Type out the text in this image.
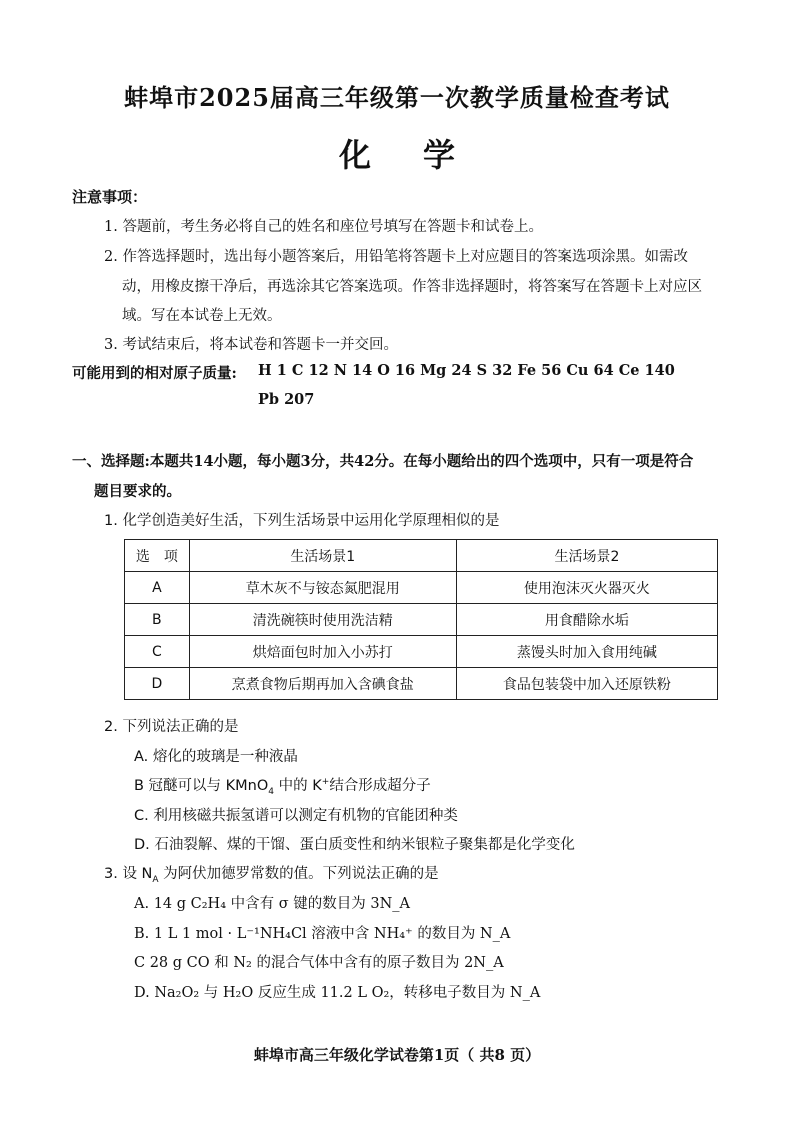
蚌埠市2025届高三年级第一次教学质量检查考试
化学
注意事项：
1. 答题前，考生务必将自己的姓名和座位号填写在答题卡和试卷上。
2. 作答选择题时，选出每小题答案后，用铅笔将答题卡上对应题目的答案选项涂黑。如需改
动，用橡皮擦干净后，再选涂其它答案选项。作答非选择题时，将答案写在答题卡上对应区
域。写在本试卷上无效。
3. 考试结束后，将本试卷和答题卡一并交回。
可能用到的相对原子质量: H 1 C 12 N 14 O 16 Mg 24 S 32 Fe 56 Cu 64 Ce 140
Pb 207
一、选择题:本题共14小题，每小题3分，共42分。在每小题给出的四个选项中，只有一项是符合
题目要求的。
1. 化学创造美好生活，下列生活场景中运用化学原理相似的是
选　项	生活场景1	生活场景2
A	草木灰不与铵态氮肥混用	使用泡沫灭火器灭火
B	清洗碗筷时使用洗洁精	用食醋除水垢
C	烘焙面包时加入小苏打	蒸馒头时加入食用纯碱
D	烹煮食物后期再加入含碘食盐	食品包装袋中加入还原铁粉
2. 下列说法正确的是
A. 熔化的玻璃是一种液晶
B 冠醚可以与 KMnO$_4$ 中的 K+结合形成超分子
C. 利用核磁共振氢谱可以测定有机物的官能团种类
D. 石油裂解、煤的干馏、蛋白质变性和纳米银粒子聚集都是化学变化
3. 设 $N_A$ 为阿伏加德罗常数的值。下列说法正确的是
A. 14 g C₂H₄ 中含有 σ 键的数目为 3N_A
B. 1 L 1 mol · L⁻¹NH₄Cl 溶液中含 NH₄⁺ 的数目为 N_A
C 28 g CO 和 N₂ 的混合气体中含有的原子数目为 2N_A
D. Na₂O₂ 与 H₂O 反应生成 11.2 L O₂，转移电子数目为 N_A
蚌埠市高三年级化学试卷第1页（ 共8 页）
